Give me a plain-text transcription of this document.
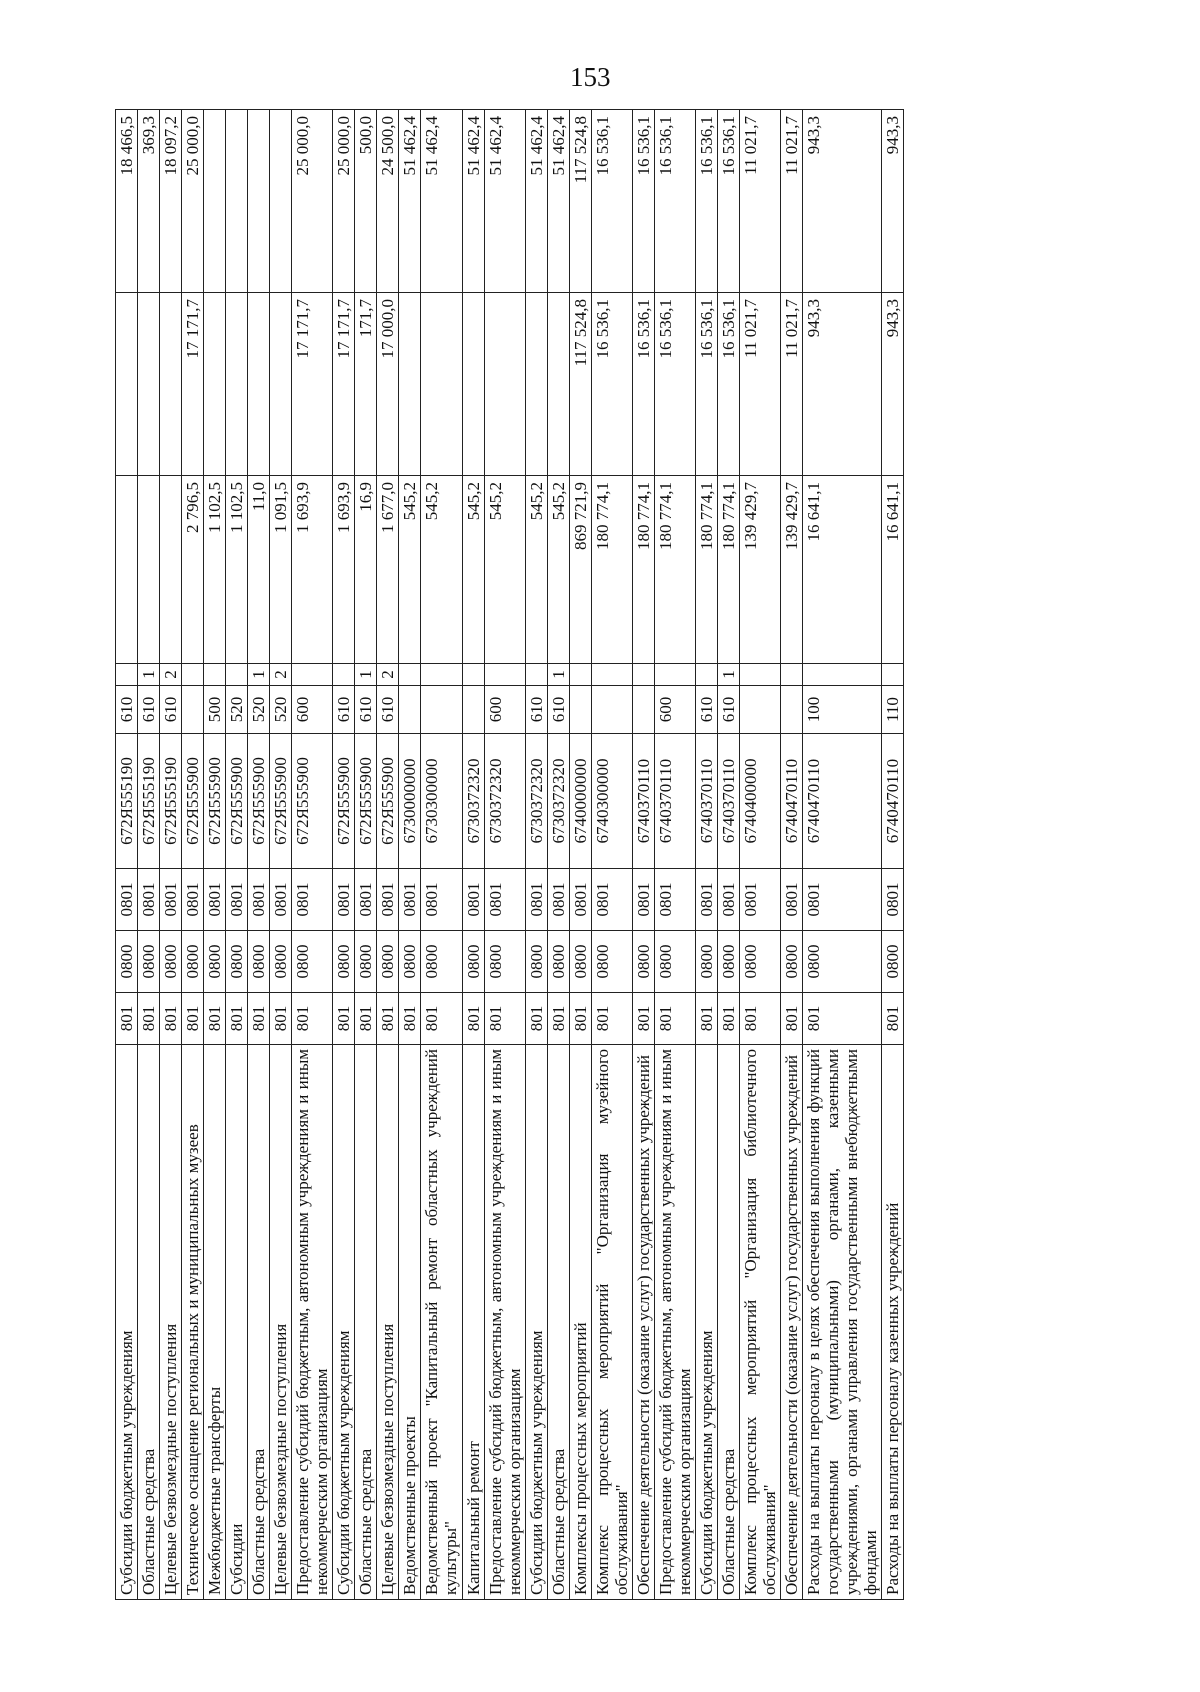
153
Субсидии бюджетным учреждениям	801	0800	0801	672Я555190	610				18 466,5
Областные средства	801	0800	0801	672Я555190	610	1			369,3
Целевые безвозмездные поступления	801	0800	0801	672Я555190	610	2			18 097,2
Техническое оснащение региональных и муниципальных музеев	801	0800	0801	672Я555900			2 796,5	17 171,7	25 000,0
Межбюджетные трансферты	801	0800	0801	672Я555900	500		1 102,5		
Субсидии	801	0800	0801	672Я555900	520		1 102,5		
Областные средства	801	0800	0801	672Я555900	520	1	11,0		
Целевые безвозмездные поступления	801	0800	0801	672Я555900	520	2	1 091,5		
Предоставление субсидий бюджетным, автономным учреждениям и иным некоммерческим организациям	801	0800	0801	672Я555900	600		1 693,9	17 171,7	25 000,0
Субсидии бюджетным учреждениям	801	0800	0801	672Я555900	610		1 693,9	17 171,7	25 000,0
Областные средства	801	0800	0801	672Я555900	610	1	16,9	171,7	500,0
Целевые безвозмездные поступления	801	0800	0801	672Я555900	610	2	1 677,0	17 000,0	24 500,0
Ведомственные проекты	801	0800	0801	6730000000			545,2		51 462,4
Ведомственный проект "Капитальный ремонт областных учреждений культуры"	801	0800	0801	6730300000			545,2		51 462,4
Капитальный ремонт	801	0800	0801	6730372320			545,2		51 462,4
Предоставление субсидий бюджетным, автономным учреждениям и иным некоммерческим организациям	801	0800	0801	6730372320	600		545,2		51 462,4
Субсидии бюджетным учреждениям	801	0800	0801	6730372320	610		545,2		51 462,4
Областные средства	801	0800	0801	6730372320	610	1	545,2		51 462,4
Комплексы процессных мероприятий	801	0800	0801	6740000000			869 721,9	117 524,8	117 524,8
Комплекс процессных мероприятий "Организация музейного обслуживания"	801	0800	0801	6740300000			180 774,1	16 536,1	16 536,1
Обеспечение деятельности (оказание услуг) государственных учреждений	801	0800	0801	6740370110			180 774,1	16 536,1	16 536,1
Предоставление субсидий бюджетным, автономным учреждениям и иным некоммерческим организациям	801	0800	0801	6740370110	600		180 774,1	16 536,1	16 536,1
Субсидии бюджетным учреждениям	801	0800	0801	6740370110	610		180 774,1	16 536,1	16 536,1
Областные средства	801	0800	0801	6740370110	610	1	180 774,1	16 536,1	16 536,1
Комплекс процессных мероприятий "Организация библиотечного обслуживания"	801	0800	0801	6740400000			139 429,7	11 021,7	11 021,7
Обеспечение деятельности (оказание услуг) государственных учреждений	801	0800	0801	6740470110			139 429,7	11 021,7	11 021,7
Расходы на выплаты персоналу в целях обеспечения выполнения функций государственными (муниципальными) органами, казенными учреждениями, органами управления государственными внебюджетными фондами	801	0800	0801	6740470110	100		16 641,1	943,3	943,3
Расходы на выплаты персоналу казенных учреждений	801	0800	0801	6740470110	110		16 641,1	943,3	943,3
